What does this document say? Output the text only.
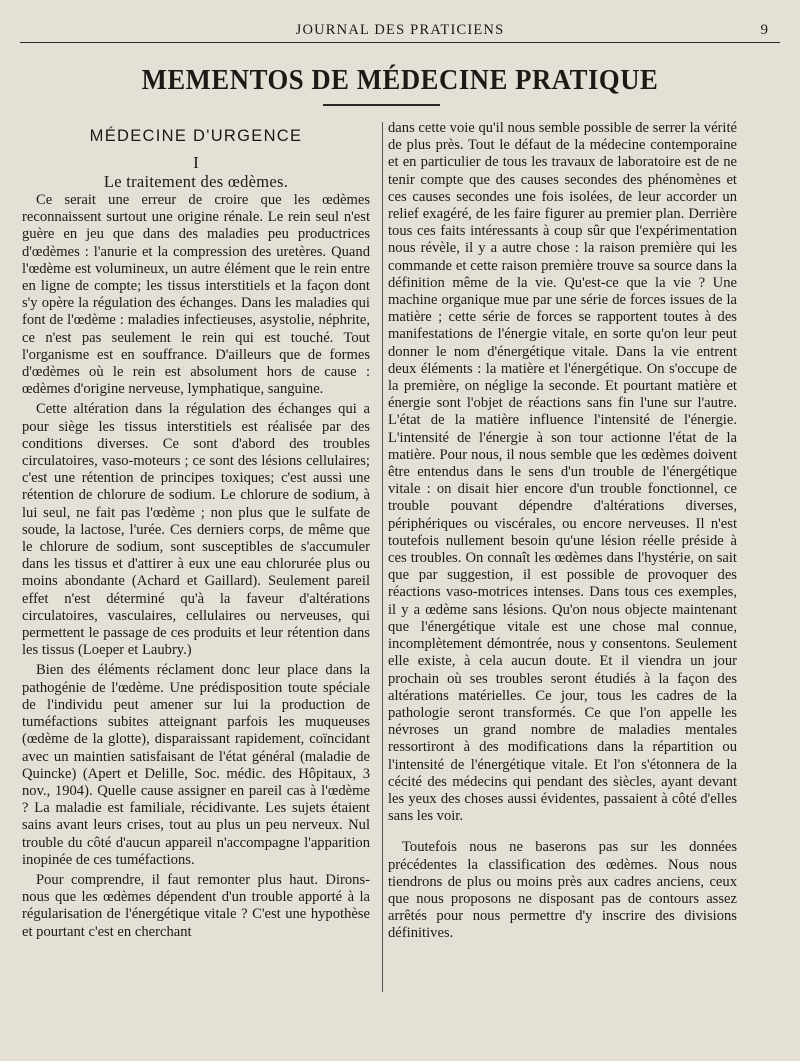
JOURNAL DES PRATICIENS	9
MEMENTOS DE MÉDECINE PRATIQUE
MÉDECINE D'URGENCE
I
Le traitement des œdèmes.

Ce serait une erreur de croire que les œdèmes reconnaissent surtout une origine rénale. Le rein seul n'est guère en jeu que dans des maladies peu productrices d'œdèmes : l'anurie et la compression des uretères. Quand l'œdème est volumineux, un autre élément que le rein entre en ligne de compte; les tissus interstitiels et la façon dont s'y opère la régulation des échanges. Dans les maladies qui font de l'œdème : maladies infectieuses, asystolie, néphrite, ce n'est pas seulement le rein qui est touché. Tout l'organisme est en souffrance. D'ailleurs que de formes d'œdèmes où le rein est absolument hors de cause : œdèmes d'origine nerveuse, lymphatique, sanguine.

Cette altération dans la régulation des échanges qui a pour siège les tissus interstitiels est réalisée par des conditions diverses. Ce sont d'abord des troubles circulatoires, vaso-moteurs ; ce sont des lésions cellulaires; c'est une rétention de principes toxiques; c'est aussi une rétention de chlorure de sodium. Le chlorure de sodium, à lui seul, ne fait pas l'œdème ; non plus que le sulfate de soude, la lactose, l'urée. Ces derniers corps, de même que le chlorure de sodium, sont susceptibles de s'accumuler dans les tissus et d'attirer à eux une eau chlorurée plus ou moins abondante (Achard et Gaillard). Seulement pareil effet n'est déterminé qu'à la faveur d'altérations circulatoires, vasculaires, cellulaires ou nerveuses, qui permettent le passage de ces produits et leur rétention dans les tissus (Loeper et Laubry.)

Bien des éléments réclament donc leur place dans la pathogénie de l'œdème. Une prédisposition toute spéciale de l'individu peut amener sur lui la production de tuméfactions subites atteignant parfois les muqueuses (œdème de la glotte), disparaissant rapidement, coïncidant avec un maintien satisfaisant de l'état général (maladie de Quincke) (Apert et Delille, Soc. médic. des Hôpitaux, 3 nov., 1904). Quelle cause assigner en pareil cas à l'œdème ? La maladie est familiale, récidivante. Les sujets étaient sains avant leurs crises, tout au plus un peu nerveux. Nul trouble du côté d'aucun appareil n'accompagne l'apparition inopinée de ces tuméfactions.

Pour comprendre, il faut remonter plus haut. Dirons-nous que les œdèmes dépendent d'un trouble apporté à la régularisation de l'énergétique vitale ? C'est une hypothèse et pourtant c'est en cherchant

dans cette voie qu'il nous semble possible de serrer la vérité de plus près. Tout le défaut de la médecine contemporaine et en particulier de tous les travaux de laboratoire est de ne tenir compte que des causes secondes des phénomènes et ces causes secondes une fois isolées, de leur accorder un relief exagéré, de les faire figurer au premier plan. Derrière tous ces faits intéressants à coup sûr que l'expérimentation nous révèle, il y a autre chose : la raison première qui les commande et cette raison première trouve sa source dans la définition même de la vie. Qu'est-ce que la vie ? Une machine organique mue par une série de forces issues de la matière ; cette série de forces se rapportent toutes à des manifestations de l'énergie vitale, en sorte qu'on leur peut donner le nom d'énergétique vitale. Dans la vie entrent deux éléments : la matière et l'énergétique. On s'occupe de la première, on néglige la seconde. Et pourtant matière et énergie sont l'objet de réactions sans fin l'une sur l'autre. L'état de la matière influence l'intensité de l'énergie. L'intensité de l'énergie à son tour actionne l'état de la matière. Pour nous, il nous semble que les œdèmes doivent être entendus dans le sens d'un trouble de l'énergétique vitale : on disait hier encore d'un trouble fonctionnel, ce trouble pouvant dépendre d'altérations diverses, périphériques ou viscérales, ou encore nerveuses. Il n'est toutefois nullement besoin qu'une lésion réelle préside à ces troubles. On connaît les œdèmes dans l'hystérie, on sait que par suggestion, il est possible de provoquer des réactions vaso-motrices intenses. Dans tous ces exemples, il y a œdème sans lésions. Qu'on nous objecte maintenant que l'énergétique vitale est une chose mal connue, incomplètement démontrée, nous y consentons. Seulement elle existe, à cela aucun doute. Et il viendra un jour prochain où ses troubles seront étudiés à la façon des altérations matérielles. Ce jour, tous les cadres de la pathologie seront transformés. Ce que l'on appelle les névroses un grand nombre de maladies mentales ressortiront à des modifications dans la répartition ou l'intensité de l'énergétique vitale. Et l'on s'étonnera de la cécité des médecins qui pendant des siècles, ayant devant les yeux des choses aussi évidentes, passaient à côté d'elles sans les voir.

Toutefois nous ne baserons pas sur les données précédentes la classification des œdèmes. Nous nous tiendrons de plus ou moins près aux cadres anciens, ceux que nous proposons ne disposant pas de contours assez arrêtés pour nous permettre d'y inscrire des divisions définitives.
